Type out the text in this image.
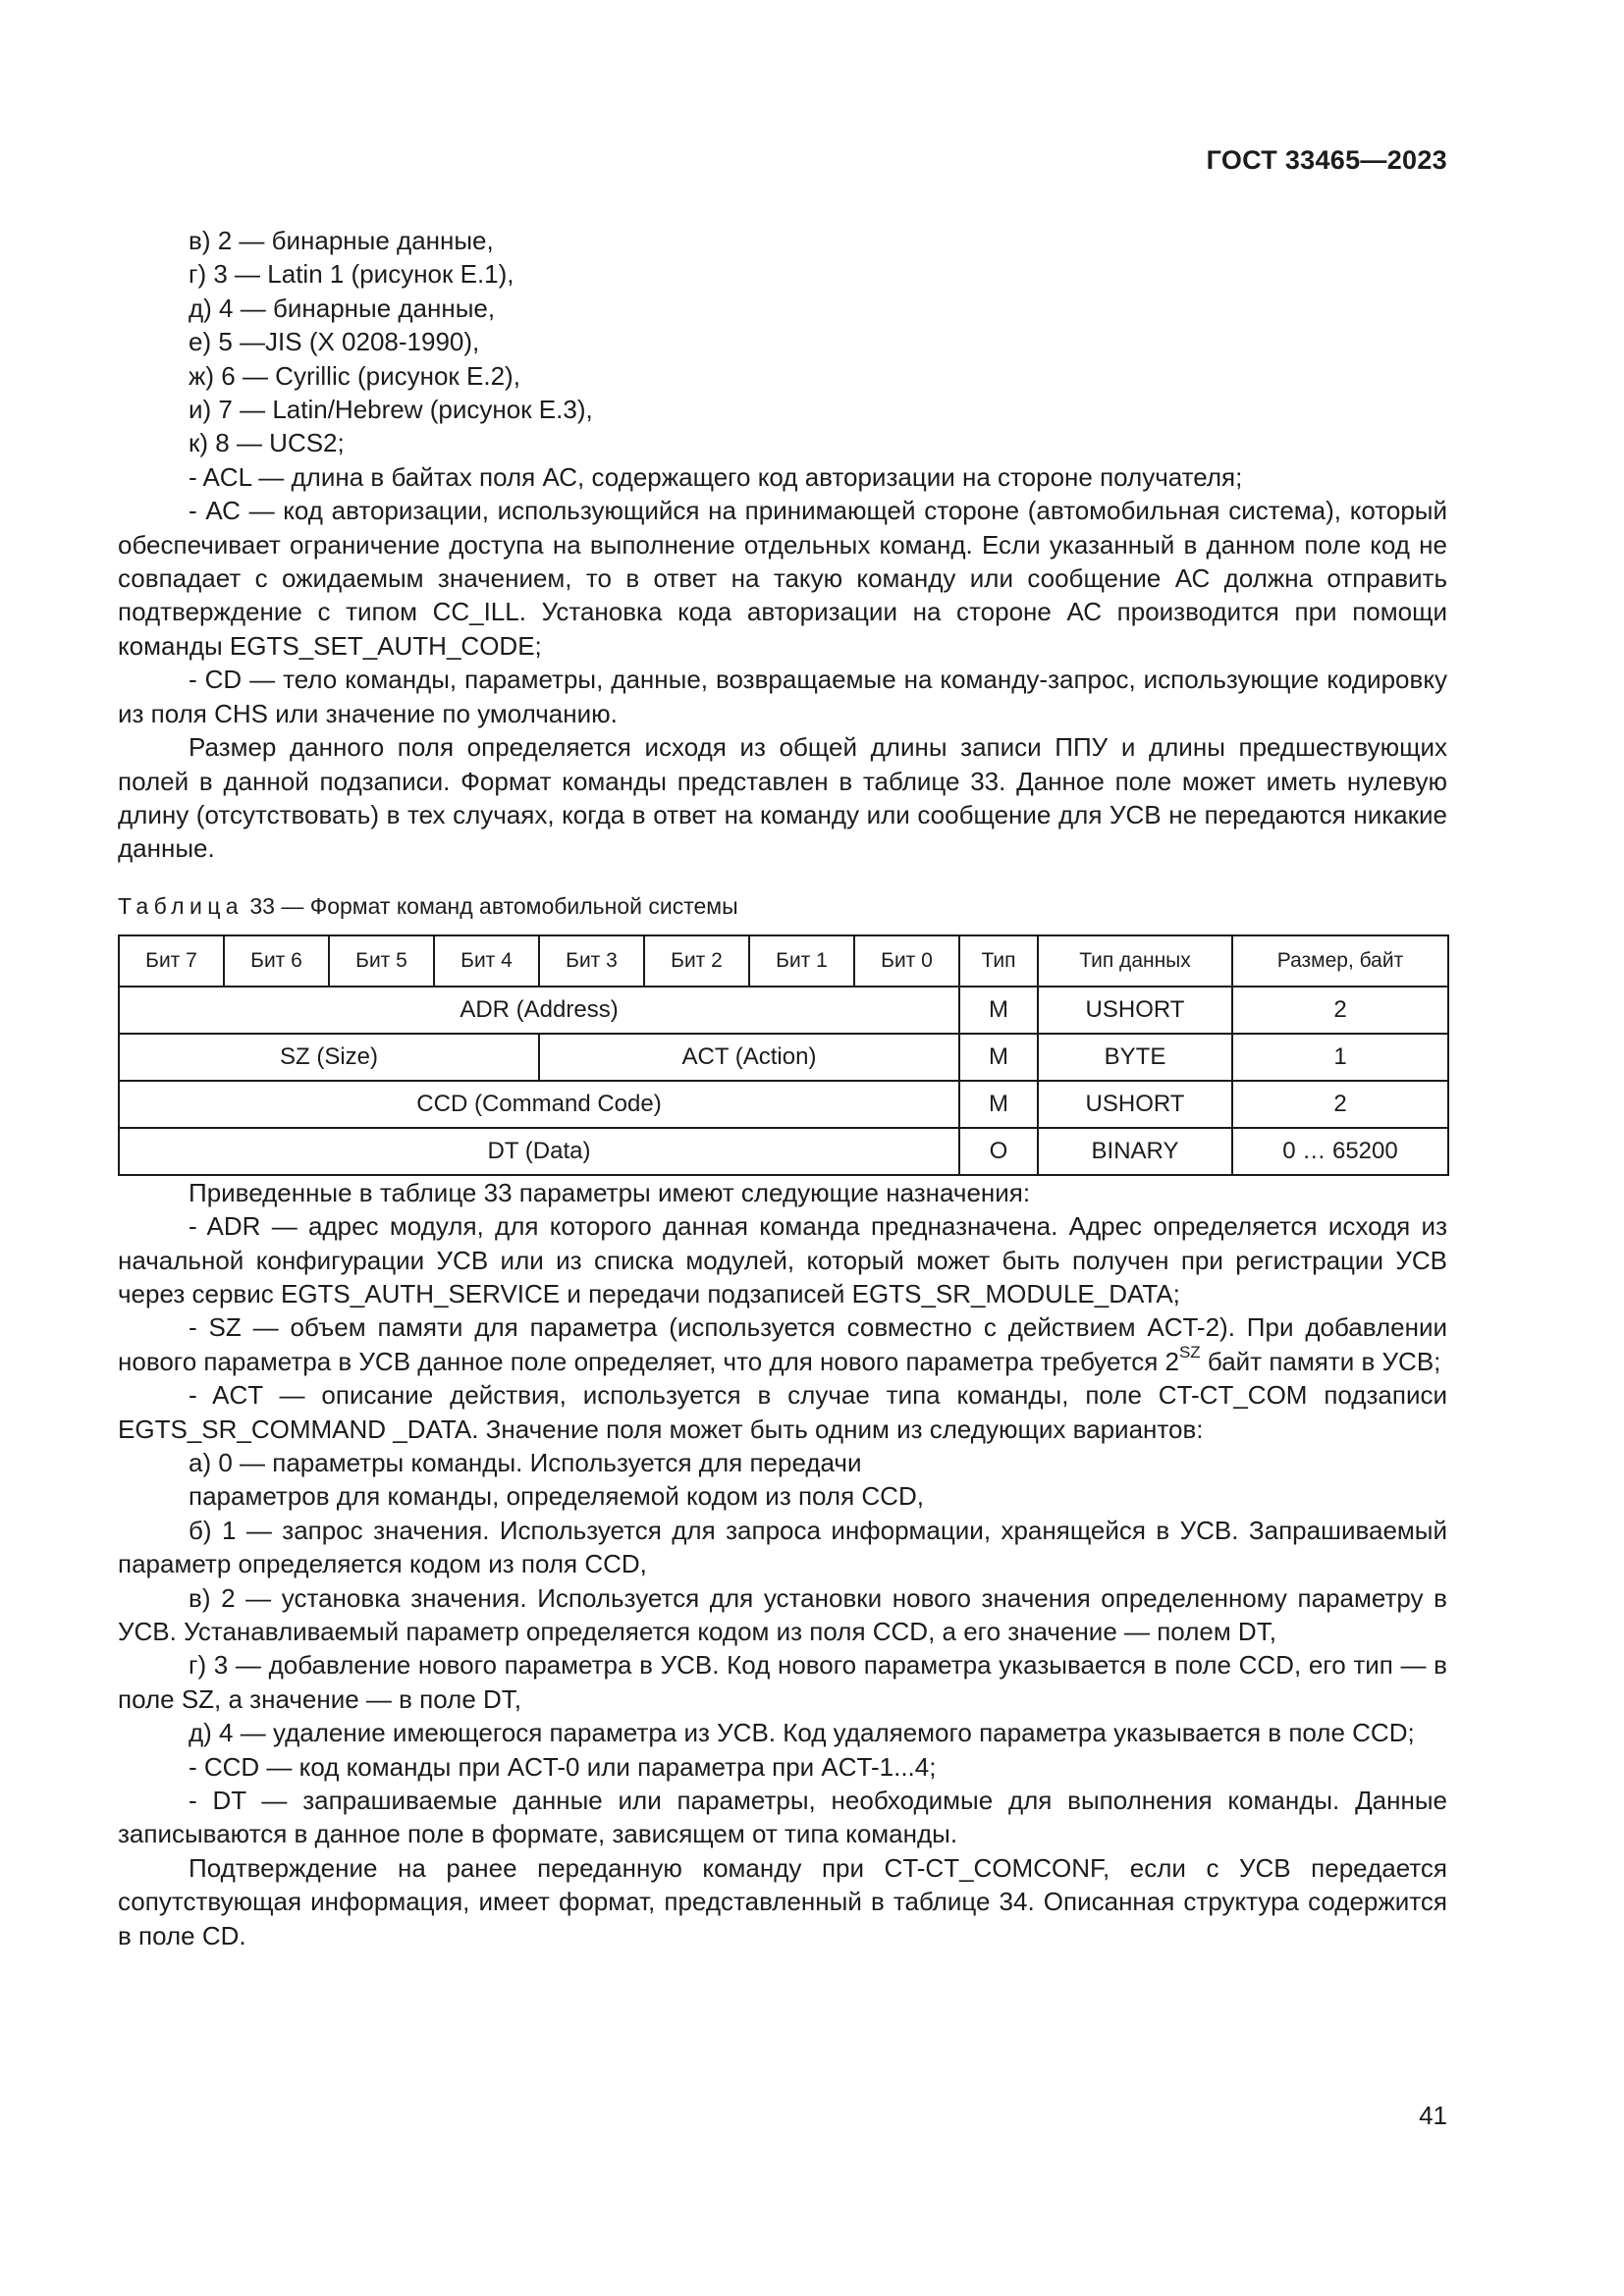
ГОСТ 33465—2023

в) 2 — бинарные данные,

г) 3 — Latin 1 (рисунок Е.1),

д) 4 — бинарные данные,

е) 5 —JIS (X 0208-1990),

ж) 6 — Cyrillic (рисунок Е.2),

и) 7 — Latin/Hebrew (рисунок Е.3),

к) 8 — UCS2;

- ACL — длина в байтах поля АС, содержащего код авторизации на стороне получателя;

- АС — код авторизации, использующийся на принимающей стороне (автомобильная система), который обеспечивает ограничение доступа на выполнение отдельных команд. Если указанный в данном поле код не совпадает с ожидаемым значением, то в ответ на такую команду или сообщение АС должна отправить подтверждение с типом CC_ILL. Установка кода авторизации на стороне АС производится при помощи команды EGTS_SET_AUTH_CODE;

- CD — тело команды, параметры, данные, возвращаемые на команду-запрос, использующие кодировку из поля CHS или значение по умолчанию.

Размер данного поля определяется исходя из общей длины записи ППУ и длины предшествующих полей в данной подзаписи. Формат команды представлен в таблице 33. Данное поле может иметь нулевую длину (отсутствовать) в тех случаях, когда в ответ на команду или сообщение для УСВ не передаются никакие данные.

Таблица 33 — Формат команд автомобильной системы
Бит 7	Бит 6	Бит 5	Бит 4	Бит 3	Бит 2	Бит 1	Бит 0	Тип	Тип данных	Размер, байт
ADR (Address)								M	USHORT	2
SZ (Size)				ACT (Action)				M	BYTE	1
CCD (Command Code)								M	USHORT	2
DT (Data)								O	BINARY	0 … 65200

Приведенные в таблице 33 параметры имеют следующие назначения:

- ADR — адрес модуля, для которого данная команда предназначена. Адрес определяется исходя из начальной конфигурации УСВ или из списка модулей, который может быть получен при регистрации УСВ через сервис EGTS_AUTH_SERVICE и передачи подзаписей EGTS_SR_MODULE_DATA;

- SZ — объем памяти для параметра (используется совместно с действием ACT-2). При добавлении нового параметра в УСВ данное поле определяет, что для нового параметра требуется $2^{SZ}$ байт памяти в УСВ;

- ACT — описание действия, используется в случае типа команды, поле CT-CT_COM подзаписи EGTS_SR_COMMAND _DATA. Значение поля может быть одним из следующих вариантов:

а) 0 — параметры команды. Используется для передачи

параметров для команды, определяемой кодом из поля CCD,

б) 1 — запрос значения. Используется для запроса информации, хранящейся в УСВ. Запрашиваемый параметр определяется кодом из поля CCD,

в) 2 — установка значения. Используется для установки нового значения определенному параметру в УСВ. Устанавливаемый параметр определяется кодом из поля CCD, а его значение — полем DT,

г) 3 — добавление нового параметра в УСВ. Код нового параметра указывается в поле CCD, его тип — в поле SZ, а значение — в поле DT,

д) 4 — удаление имеющегося параметра из УСВ. Код удаляемого параметра указывается в поле CCD;

- CCD — код команды при ACT-0 или параметра при ACT-1...4;

- DT — запрашиваемые данные или параметры, необходимые для выполнения команды. Данные записываются в данное поле в формате, зависящем от типа команды.

Подтверждение на ранее переданную команду при CT-CT_COMCONF, если с УСВ передается сопутствующая информация, имеет формат, представленный в таблице 34. Описанная структура содержится в поле CD.

41
